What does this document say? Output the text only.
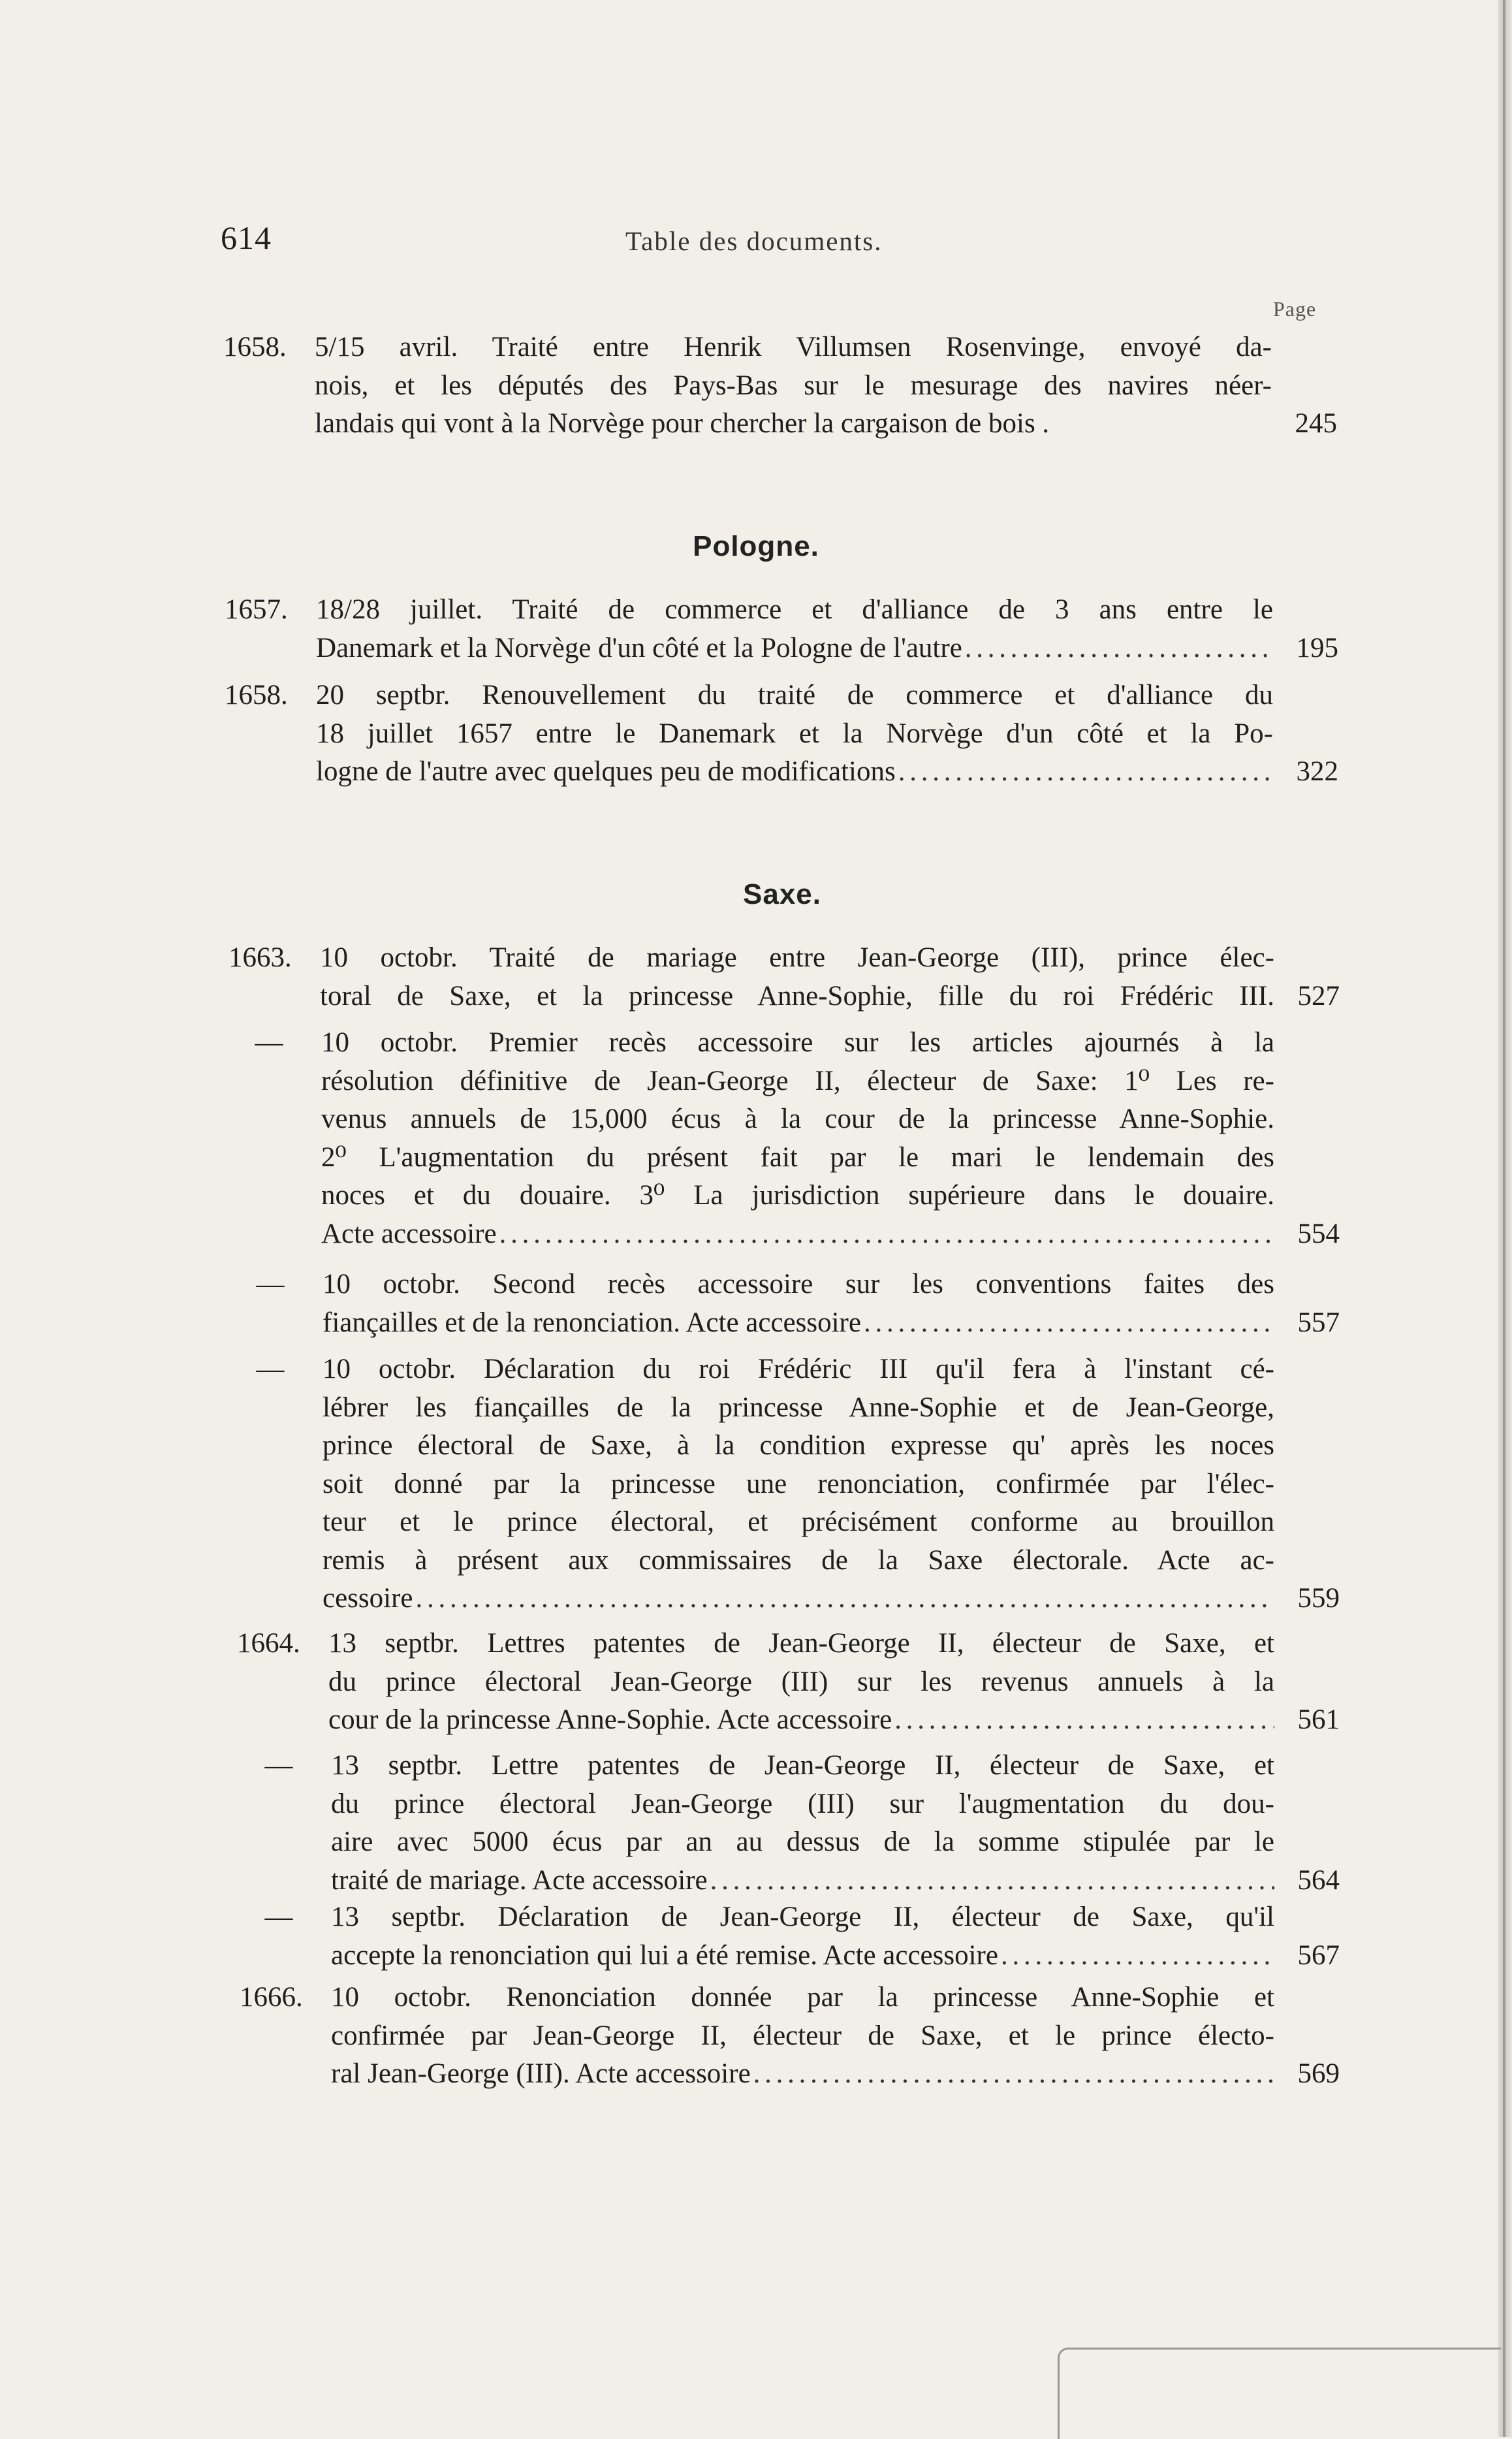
614	Table des documents.
Page
1658.	5/15 avril. Traité entre Henrik Villumsen Rosenvinge, envoyé da-
nois, et les députés des Pays-Bas sur le mesurage des navires néer-
landais qui vont à la Norvège pour chercher la cargaison de bois .	245
Pologne.
1657.	18/28 juillet. Traité de commerce et d'alliance de 3 ans entre le
Danemark et la Norvège d'un côté et la Pologne de l'autre . . .	195
1658.	20 septbr. Renouvellement du traité de commerce et d'alliance du
18 juillet 1657 entre le Danemark et la Norvège d'un côté et la Po-
logne de l'autre avec quelques peu de modifications . . .	322
Saxe.
1663.	10 octobr. Traité de mariage entre Jean-George (III), prince élec-
toral de Saxe, et la princesse Anne-Sophie, fille du roi Frédéric III. 527
— 10 octobr. Premier recès accessoire sur les articles ajournés à la
résolution définitive de Jean-George II, électeur de Saxe: 1⁰ Les re-
venus annuels de 15,000 écus à la cour de la princesse Anne-Sophie.
2⁰ L'augmentation du présent fait par le mari le lendemain des
noces et du douaire. 3⁰ La jurisdiction supérieure dans le douaire.
Acte accessoire . . .	554
— 10 octobr. Second recès accessoire sur les conventions faites des
fiançailles et de la renonciation. Acte accessoire . . .	557
— 10 octobr. Déclaration du roi Frédéric III qu'il fera à l'instant cé-
lébrer les fiançailles de la princesse Anne-Sophie et de Jean-George,
prince électoral de Saxe, à la condition expresse qu' après les noces
soit donné par la princesse une renonciation, confirmée par l'élec-
teur et le prince électoral, et précisément conforme au brouillon
remis à présent aux commissaires de la Saxe électorale. Acte ac-
cessoire . . .	559
1664.	13 septbr. Lettres patentes de Jean-George II, électeur de Saxe, et
du prince électoral Jean-George (III) sur les revenus annuels à la
cour de la princesse Anne-Sophie. Acte accessoire . . .	561
— 13 septbr. Lettre patentes de Jean-George II, électeur de Saxe, et
du prince électoral Jean-George (III) sur l'augmentation du dou-
aire avec 5000 écus par an au dessus de la somme stipulée par le
traité de mariage. Acte accessoire . . .	564
— 13 septbr. Déclaration de Jean-George II, électeur de Saxe, qu'il
accepte la renonciation qui lui a été remise. Acte accessoire . . .	567
1666.	10 octobr. Renonciation donnée par la princesse Anne-Sophie et
confirmée par Jean-George II, électeur de Saxe, et le prince électo-
ral Jean-George (III). Acte accessoire . . .	569
